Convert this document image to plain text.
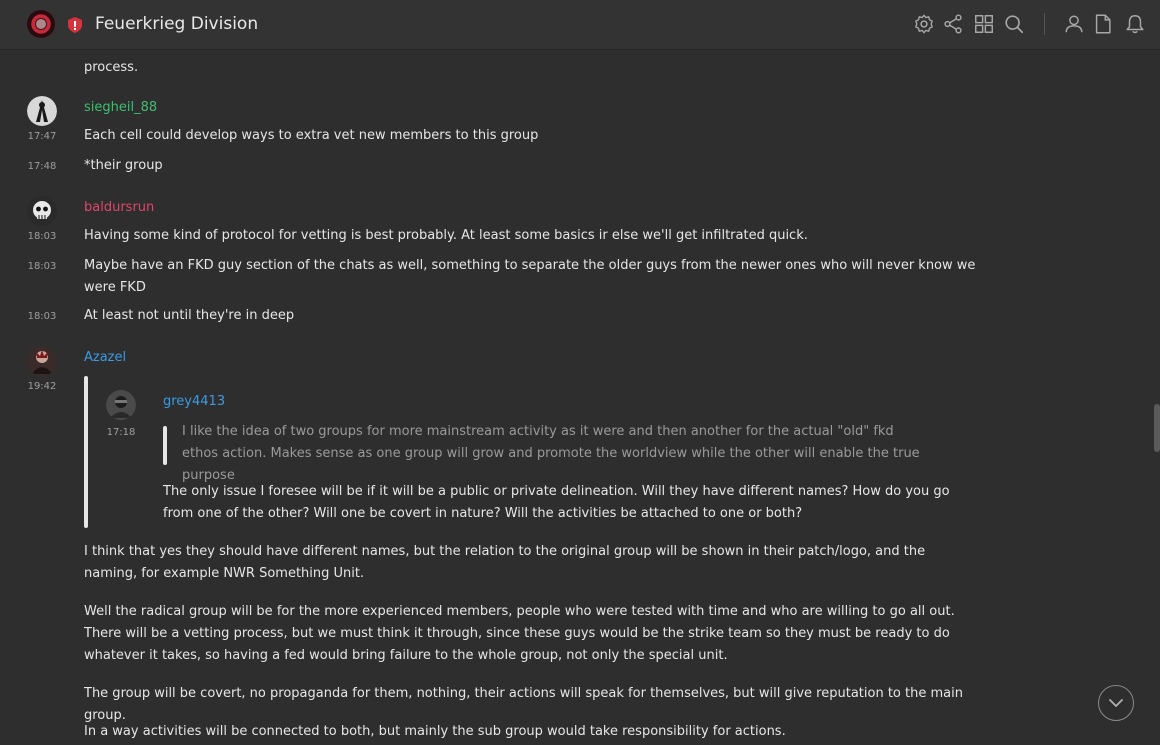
process.
siegheil_88
17:47	Each cell could develop ways to extra vet new members to this group
17:48	*their group
baldursrun
18:03	Having some kind of protocol for vetting is best probably. At least some basics ir else we'll get infiltrated quick.
18:03	Maybe have an FKD guy section of the chats as well, something to separate the older guys from the newer ones who will never know we were FKD
18:03	At least not until they're in deep
Azazel
19:42
grey4413
17:18	I like the idea of two groups for more mainstream activity as it were and then another for the actual "old" fkd ethos action. Makes sense as one group will grow and promote the worldview while the other will enable the true purpose
The only issue I foresee will be if it will be a public or private delineation. Will they have different names? How do you go from one of the other? Will one be covert in nature? Will the activities be attached to one or both?
I think that yes they should have different names, but the relation to the original group will be shown in their patch/logo, and the naming, for example NWR Something Unit.
Well the radical group will be for the more experienced members, people who were tested with time and who are willing to go all out. There will be a vetting process, but we must think it through, since these guys would be the strike team so they must be ready to do whatever it takes, so having a fed would bring failure to the whole group, not only the special unit.
The group will be covert, no propaganda for them, nothing, their actions will speak for themselves, but will give reputation to the main group.
In a way activities will be connected to both, but mainly the sub group would take responsibility for actions.
Feuerkrieg Division
